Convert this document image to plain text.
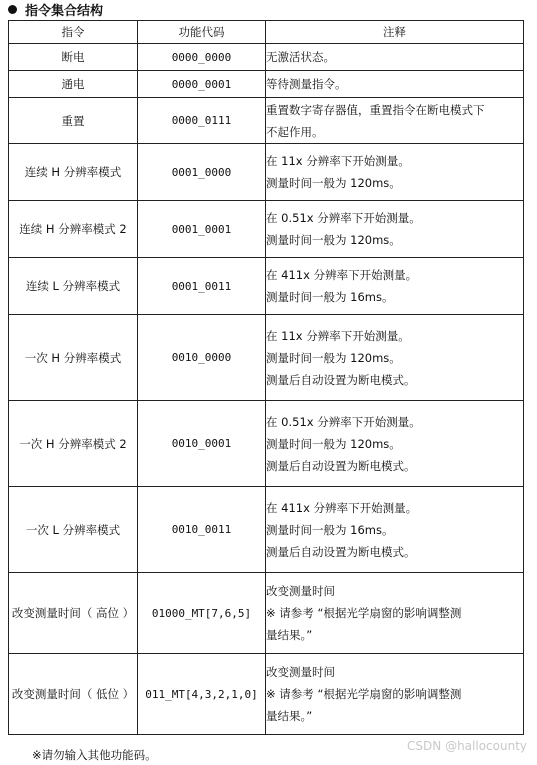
指令集合结构
指令	功能代码	注释
断电	0000_0000	无激活状态。

通电	0000_0001	等待测量指令。

重置	0000_0111	重置数字寄存器值，重置指令在断电模式下
不起作用。

连续 H 分辨率模式	0001_0000	在 11x 分辨率下开始测量。
测量时间一般为 120ms。

连续 H 分辨率模式 2	0001_0001	在 0.51x 分辨率下开始测量。
测量时间一般为 120ms。

连续 L 分辨率模式	0001_0011	在 411x 分辨率下开始测量。
测量时间一般为 16ms。

一次 H 分辨率模式	0010_0000	在 11x 分辨率下开始测量。
测量时间一般为 120ms。
测量后自动设置为断电模式。

一次 H 分辨率模式 2	0010_0001	在 0.51x 分辨率下开始测量。
测量时间一般为 120ms。
测量后自动设置为断电模式。

一次 L 分辨率模式	0010_0011	在 411x 分辨率下开始测量。
测量时间一般为 16ms。
测量后自动设置为断电模式。

改变测量时间（ 高位 ）	01000_MT[7,6,5]	改变测量时间
※ 请参考 “根据光学扇窗的影响调整测
量结果。”

改变测量时间（ 低位 ）	011_MT[4,3,2,1,0]	改变测量时间
※ 请参考 “根据光学扇窗的影响调整测
量结果。”
※请勿输入其他功能码。
CSDN @hallocounty
